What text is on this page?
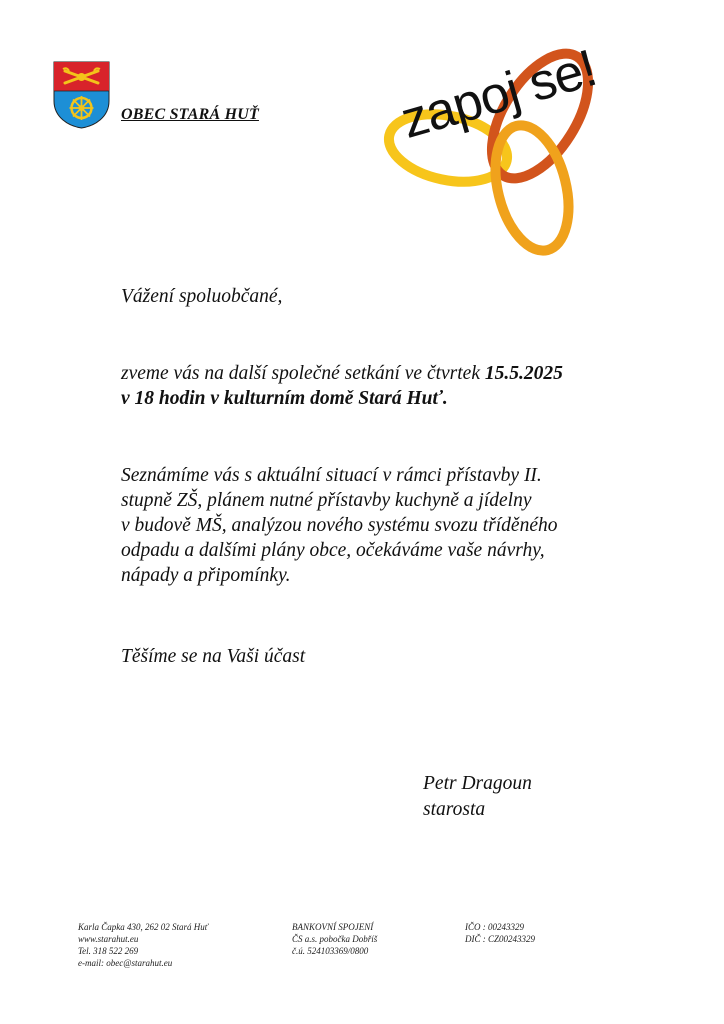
OBEC STARÁ HUŤ	zapoj se!
Vážení spoluobčané,
zveme vás na další společné setkání ve čtvrtek 15.5.2025
v 18 hodin v kulturním domě Stará Huť.
Seznámíme vás s aktuální situací v rámci přístavby II.
stupně ZŠ, plánem nutné přístavby kuchyně a jídelny
v budově MŠ, analýzou nového systému svozu tříděného
odpadu a dalšími plány obce, očekáváme vaše návrhy,
nápady a připomínky.
Těšíme se na Vaši účast
Petr Dragoun
starosta
Karla Čapka 430, 262 02 Stará Huť
www.starahut.eu
Tel. 318 522 269
e-mail: obec@starahut.eu
BANKOVNÍ SPOJENÍ
ČS a.s. pobočka Dobříš
č.ú. 524103369/0800
IČO : 00243329
DIČ : CZ00243329
